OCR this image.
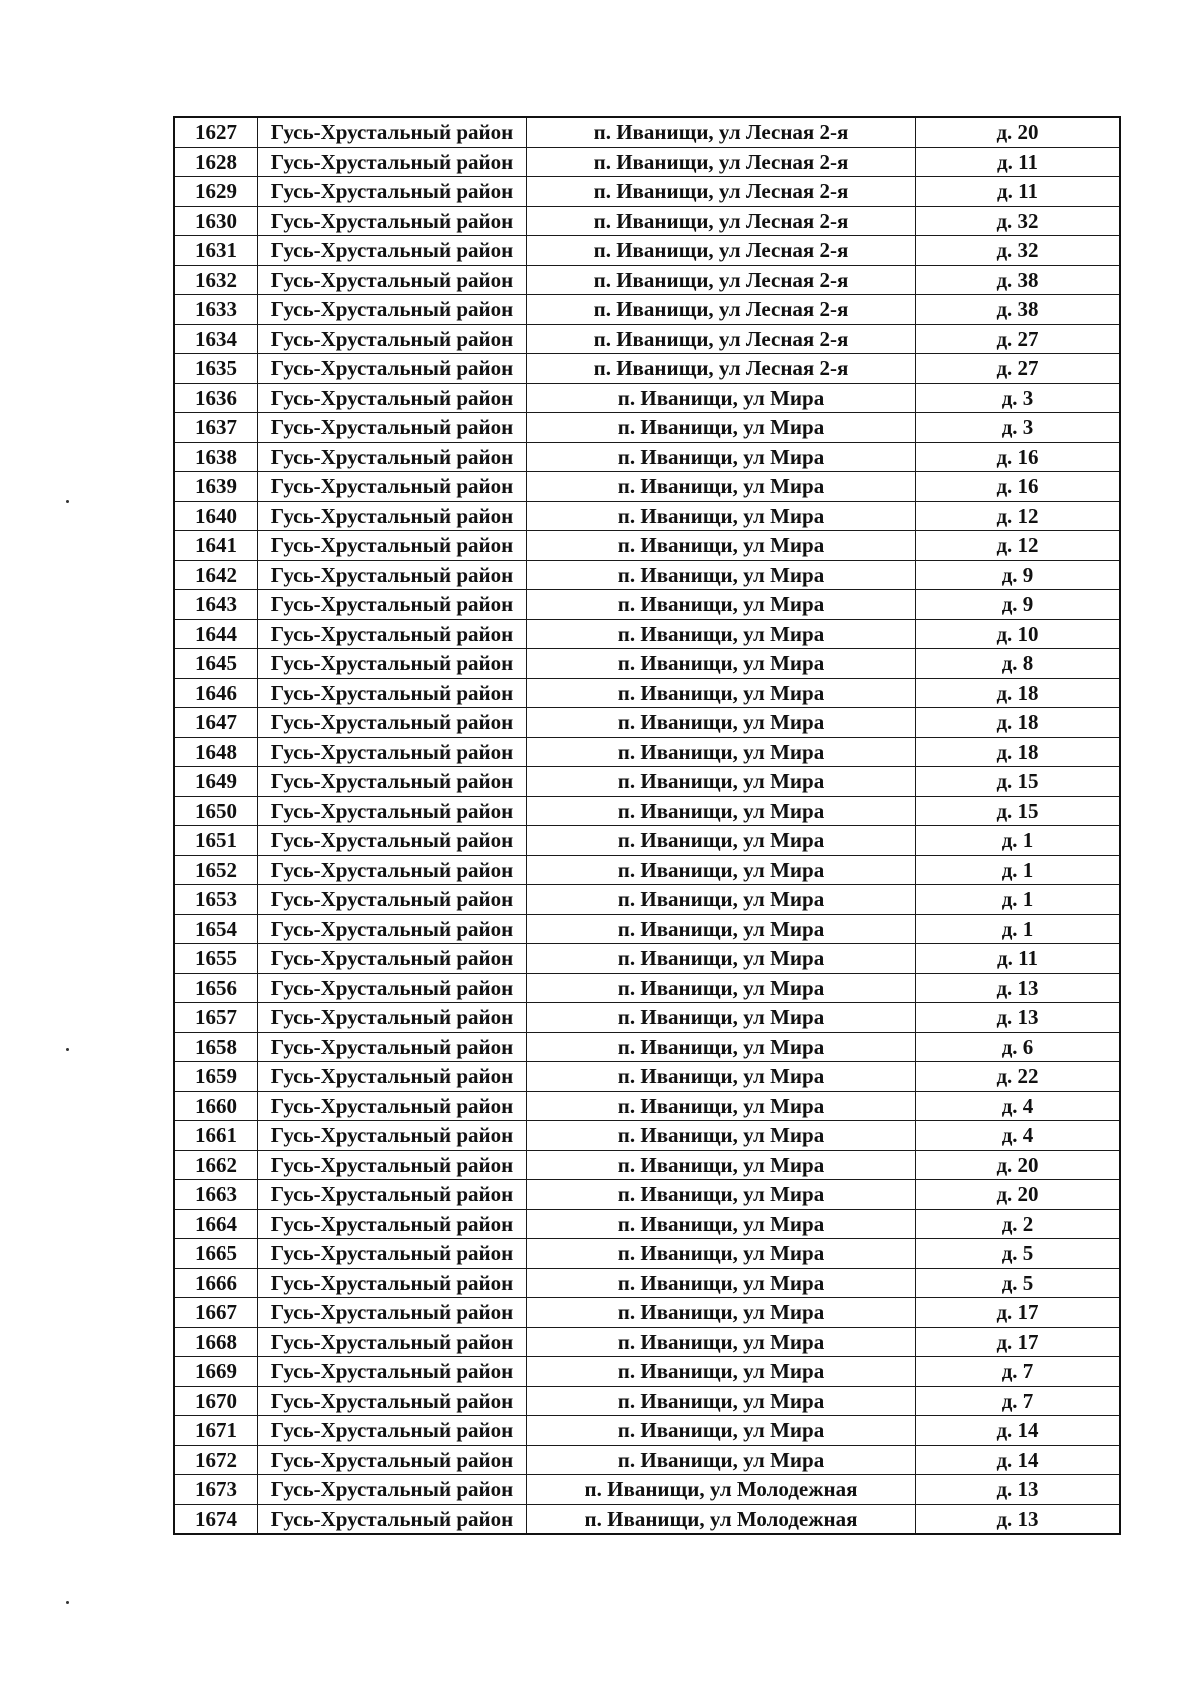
1627	Гусь-Хрустальный район	п. Иванищи, ул Лесная 2-я	д. 20
1628	Гусь-Хрустальный район	п. Иванищи, ул Лесная 2-я	д. 11
1629	Гусь-Хрустальный район	п. Иванищи, ул Лесная 2-я	д. 11
1630	Гусь-Хрустальный район	п. Иванищи, ул Лесная 2-я	д. 32
1631	Гусь-Хрустальный район	п. Иванищи, ул Лесная 2-я	д. 32
1632	Гусь-Хрустальный район	п. Иванищи, ул Лесная 2-я	д. 38
1633	Гусь-Хрустальный район	п. Иванищи, ул Лесная 2-я	д. 38
1634	Гусь-Хрустальный район	п. Иванищи, ул Лесная 2-я	д. 27
1635	Гусь-Хрустальный район	п. Иванищи, ул Лесная 2-я	д. 27
1636	Гусь-Хрустальный район	п. Иванищи, ул Мира	д. 3
1637	Гусь-Хрустальный район	п. Иванищи, ул Мира	д. 3
1638	Гусь-Хрустальный район	п. Иванищи, ул Мира	д. 16
1639	Гусь-Хрустальный район	п. Иванищи, ул Мира	д. 16
1640	Гусь-Хрустальный район	п. Иванищи, ул Мира	д. 12
1641	Гусь-Хрустальный район	п. Иванищи, ул Мира	д. 12
1642	Гусь-Хрустальный район	п. Иванищи, ул Мира	д. 9
1643	Гусь-Хрустальный район	п. Иванищи, ул Мира	д. 9
1644	Гусь-Хрустальный район	п. Иванищи, ул Мира	д. 10
1645	Гусь-Хрустальный район	п. Иванищи, ул Мира	д. 8
1646	Гусь-Хрустальный район	п. Иванищи, ул Мира	д. 18
1647	Гусь-Хрустальный район	п. Иванищи, ул Мира	д. 18
1648	Гусь-Хрустальный район	п. Иванищи, ул Мира	д. 18
1649	Гусь-Хрустальный район	п. Иванищи, ул Мира	д. 15
1650	Гусь-Хрустальный район	п. Иванищи, ул Мира	д. 15
1651	Гусь-Хрустальный район	п. Иванищи, ул Мира	д. 1
1652	Гусь-Хрустальный район	п. Иванищи, ул Мира	д. 1
1653	Гусь-Хрустальный район	п. Иванищи, ул Мира	д. 1
1654	Гусь-Хрустальный район	п. Иванищи, ул Мира	д. 1
1655	Гусь-Хрустальный район	п. Иванищи, ул Мира	д. 11
1656	Гусь-Хрустальный район	п. Иванищи, ул Мира	д. 13
1657	Гусь-Хрустальный район	п. Иванищи, ул Мира	д. 13
1658	Гусь-Хрустальный район	п. Иванищи, ул Мира	д. 6
1659	Гусь-Хрустальный район	п. Иванищи, ул Мира	д. 22
1660	Гусь-Хрустальный район	п. Иванищи, ул Мира	д. 4
1661	Гусь-Хрустальный район	п. Иванищи, ул Мира	д. 4
1662	Гусь-Хрустальный район	п. Иванищи, ул Мира	д. 20
1663	Гусь-Хрустальный район	п. Иванищи, ул Мира	д. 20
1664	Гусь-Хрустальный район	п. Иванищи, ул Мира	д. 2
1665	Гусь-Хрустальный район	п. Иванищи, ул Мира	д. 5
1666	Гусь-Хрустальный район	п. Иванищи, ул Мира	д. 5
1667	Гусь-Хрустальный район	п. Иванищи, ул Мира	д. 17
1668	Гусь-Хрустальный район	п. Иванищи, ул Мира	д. 17
1669	Гусь-Хрустальный район	п. Иванищи, ул Мира	д. 7
1670	Гусь-Хрустальный район	п. Иванищи, ул Мира	д. 7
1671	Гусь-Хрустальный район	п. Иванищи, ул Мира	д. 14
1672	Гусь-Хрустальный район	п. Иванищи, ул Мира	д. 14
1673	Гусь-Хрустальный район	п. Иванищи, ул Молодежная	д. 13
1674	Гусь-Хрустальный район	п. Иванищи, ул Молодежная	д. 13
